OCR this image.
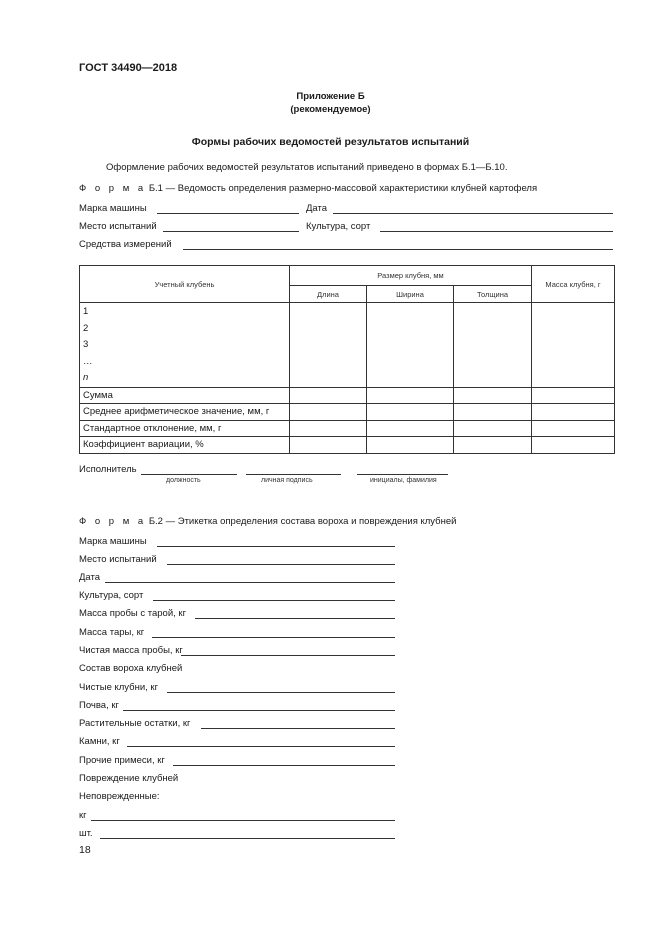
ГОСТ 34490—2018
Приложение Б
(рекомендуемое)
Формы рабочих ведомостей результатов испытаний
Оформление рабочих ведомостей результатов испытаний приведено в формах Б.1—Б.10.
Ф о р м а Б.1 — Ведомость определения размерно-массовой характеристики клубней картофеля
Марка машины	Дата
Место испытаний	Культура, сорт
Средства измерений
Учетный клубень	Размер клубня, мм			Массa клубня, г
	Длина	Ширина	Толщина	

1
2
3
…
n				

Сумма				
Среднее арифметическое значение, мм, г				
Стандартное отклонение, мм, г				
Коэффициент вариации, %				
Исполнитель
должность	личная подпись	инициалы, фамилия
Ф о р м а Б.2 — Этикетка определения состава вороха и повреждения клубней
Марка машины
Место испытаний
Дата
Культура, сорт
Масса пробы с тарой, кг
Масса тары, кг
Чистая масса пробы, кг
Состав вороха клубней
Чистые клубни, кг
Почва, кг
Растительные остатки, кг
Камни, кг
Прочие примеси, кг
Повреждение клубней
Неповрежденные:
кг
шт.
18
